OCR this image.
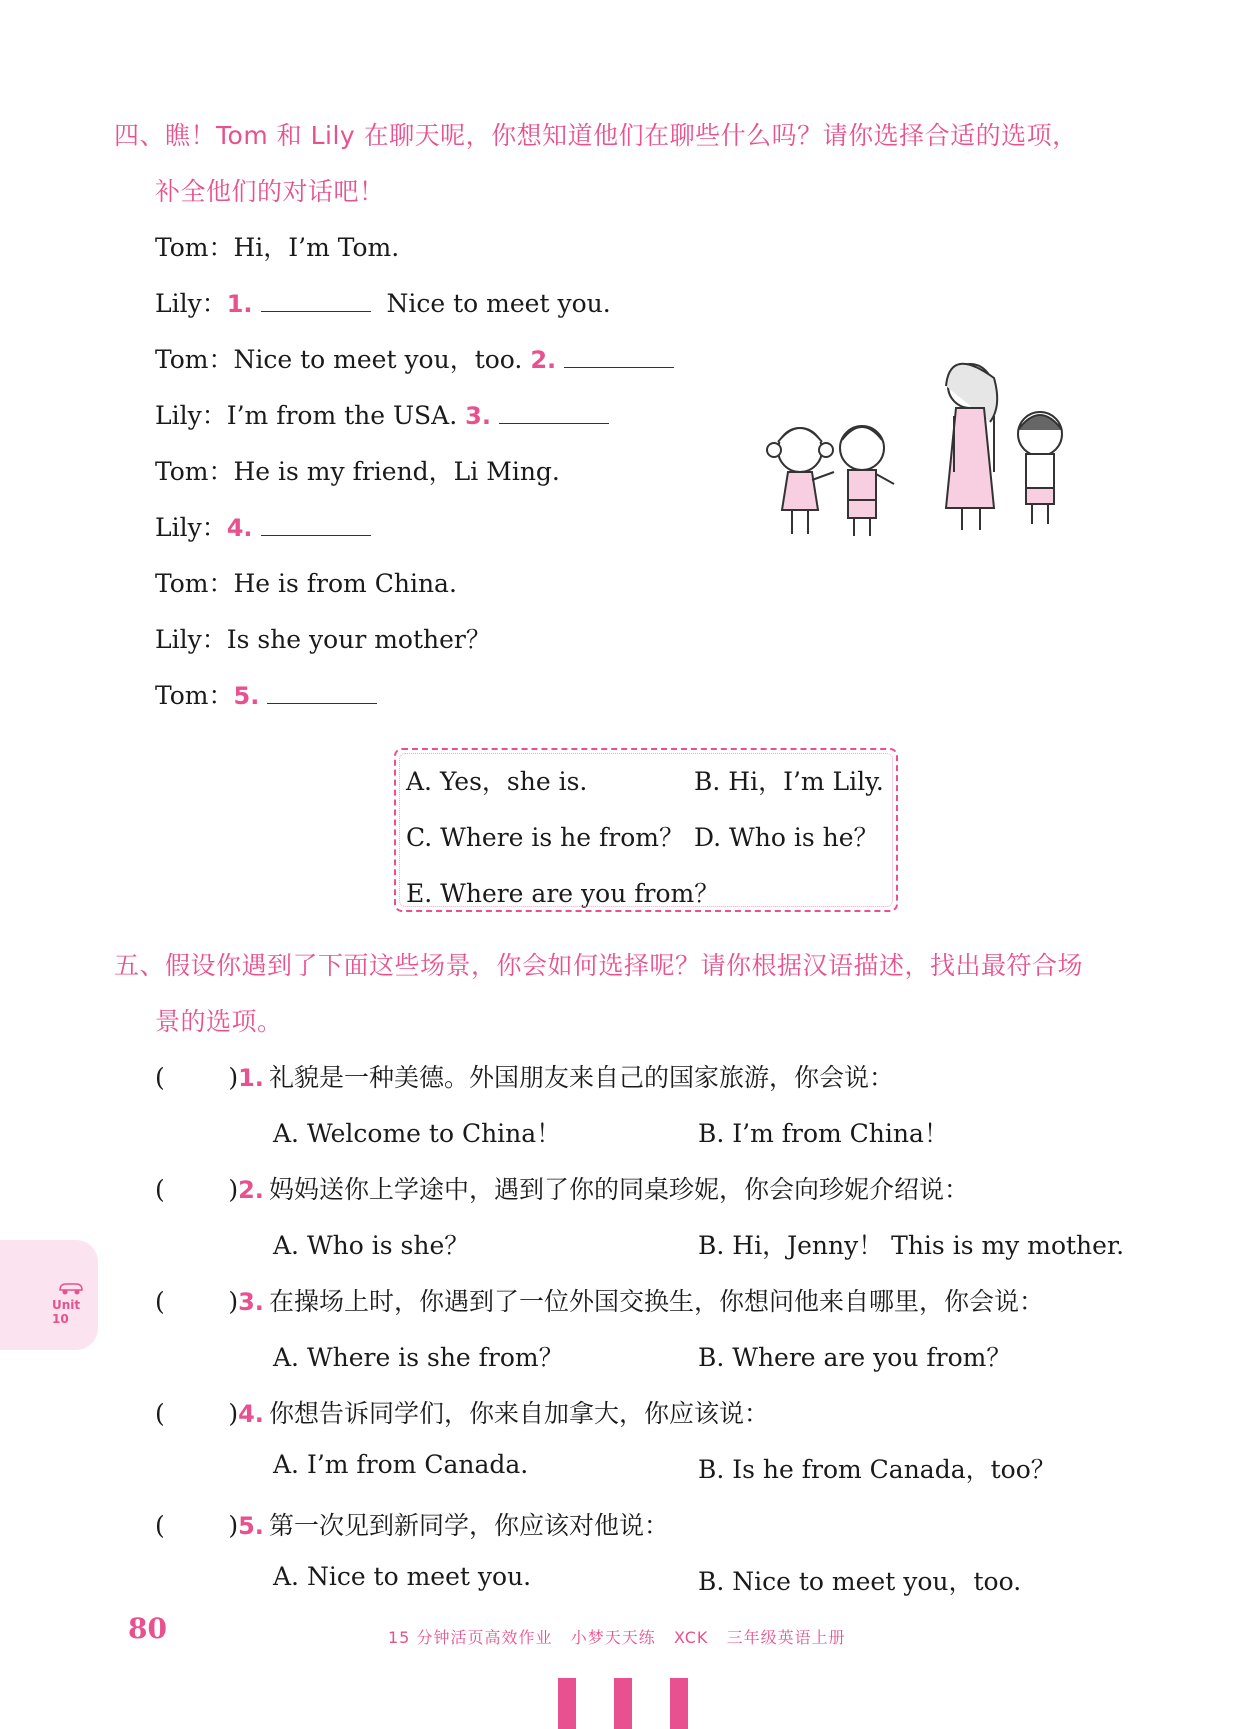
四、瞧！Tom 和 Lily 在聊天呢，你想知道他们在聊些什么吗？请你选择合适的选项，
补全他们的对话吧！
Tom：Hi，I’m Tom.
Lily：1.	Nice to meet you.
Tom：Nice to meet you，too. 2.
Lily：I’m from the USA. 3.
Tom：He is my friend，Li Ming.
Lily：4.
Tom：He is from China.
Lily：Is she your mother？
Tom：5.
A. Yes，she is.	B. Hi，I’m Lily.
C. Where is he from？ D. Who is he？
E. Where are you from？
五、假设你遇到了下面这些场景，你会如何选择呢？请你根据汉语描述，找出最符合场
景的选项。
(        )1. 礼貌是一种美德。外国朋友来自己的国家旅游，你会说：
A. Welcome to China！	B. I’m from China！
(        )2. 妈妈送你上学途中，遇到了你的同桌珍妮，你会向珍妮介绍说：
A. Who is she？	B. Hi，Jenny！ This is my mother.
(        )3. 在操场上时，你遇到了一位外国交换生，你想问他来自哪里，你会说：
A. Where is she from？	B. Where are you from？
(        )4. 你想告诉同学们，你来自加拿大，你应该说：
A. I’m from Canada.	B. Is he from Canada，too？
(        )5. 第一次见到新同学，你应该对他说：
A. Nice to meet you.	B. Nice to meet you，too.
Unit 10
80	15 分钟活页高效作业   小梦天天练   XCK   三年级英语上册
